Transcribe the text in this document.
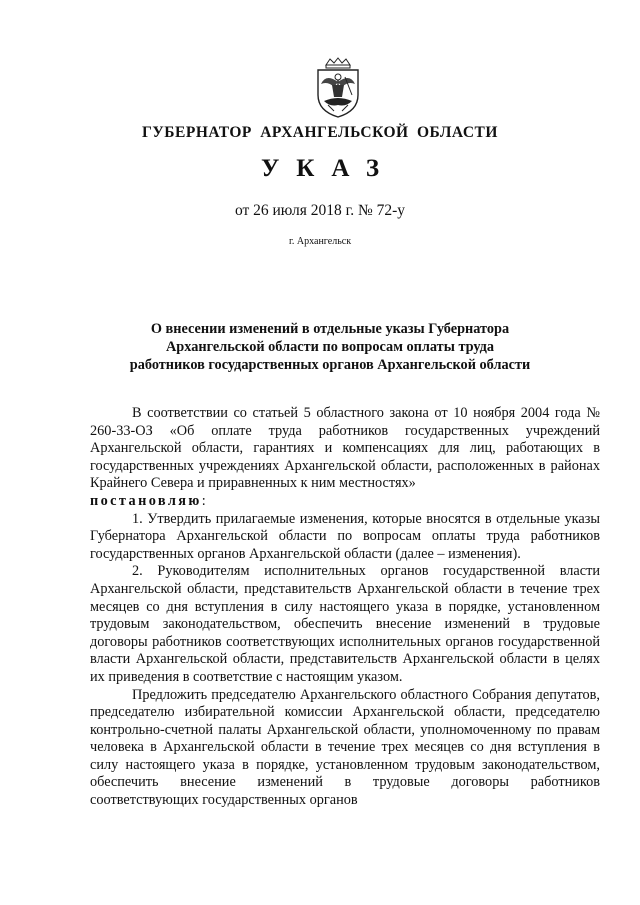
ГУБЕРНАТОР АРХАНГЕЛЬСКОЙ ОБЛАСТИ
УКАЗ
от 26 июля 2018 г. № 72-у
г. Архангельск
О внесении изменений в отдельные указы Губернатора
Архангельской области по вопросам оплаты труда
работников государственных органов Архангельской области

В соответствии со статьей 5 областного закона от 10 ноября 2004 года № 260-33-ОЗ «Об оплате труда работников государственных учреждений Архангельской области, гарантиях и компенсациях для лиц, работающих в государственных учреждениях Архангельской области, расположенных в районах Крайнего Севера и приравненных к ним местностях»

постановляю:

1. Утвердить прилагаемые изменения, которые вносятся в отдельные указы Губернатора Архангельской области по вопросам оплаты труда работников государственных органов Архангельской области (далее – изменения).

2. Руководителям исполнительных органов государственной власти Архангельской области, представительств Архангельской области в течение трех месяцев со дня вступления в силу настоящего указа в порядке, установленном трудовым законодательством, обеспечить внесение изменений в трудовые договоры работников соответствующих исполнительных органов государственной власти Архангельской области, представительств Архангельской области в целях их приведения в соответствие с настоящим указом.

Предложить председателю Архангельского областного Собрания депутатов, председателю избирательной комиссии Архангельской области, председателю контрольно-счетной палаты Архангельской области, уполномоченному по правам человека в Архангельской области в течение трех месяцев со дня вступления в силу настоящего указа в порядке, установленном трудовым законодательством, обеспечить внесение изменений в трудовые договоры работников соответствующих государственных органов
